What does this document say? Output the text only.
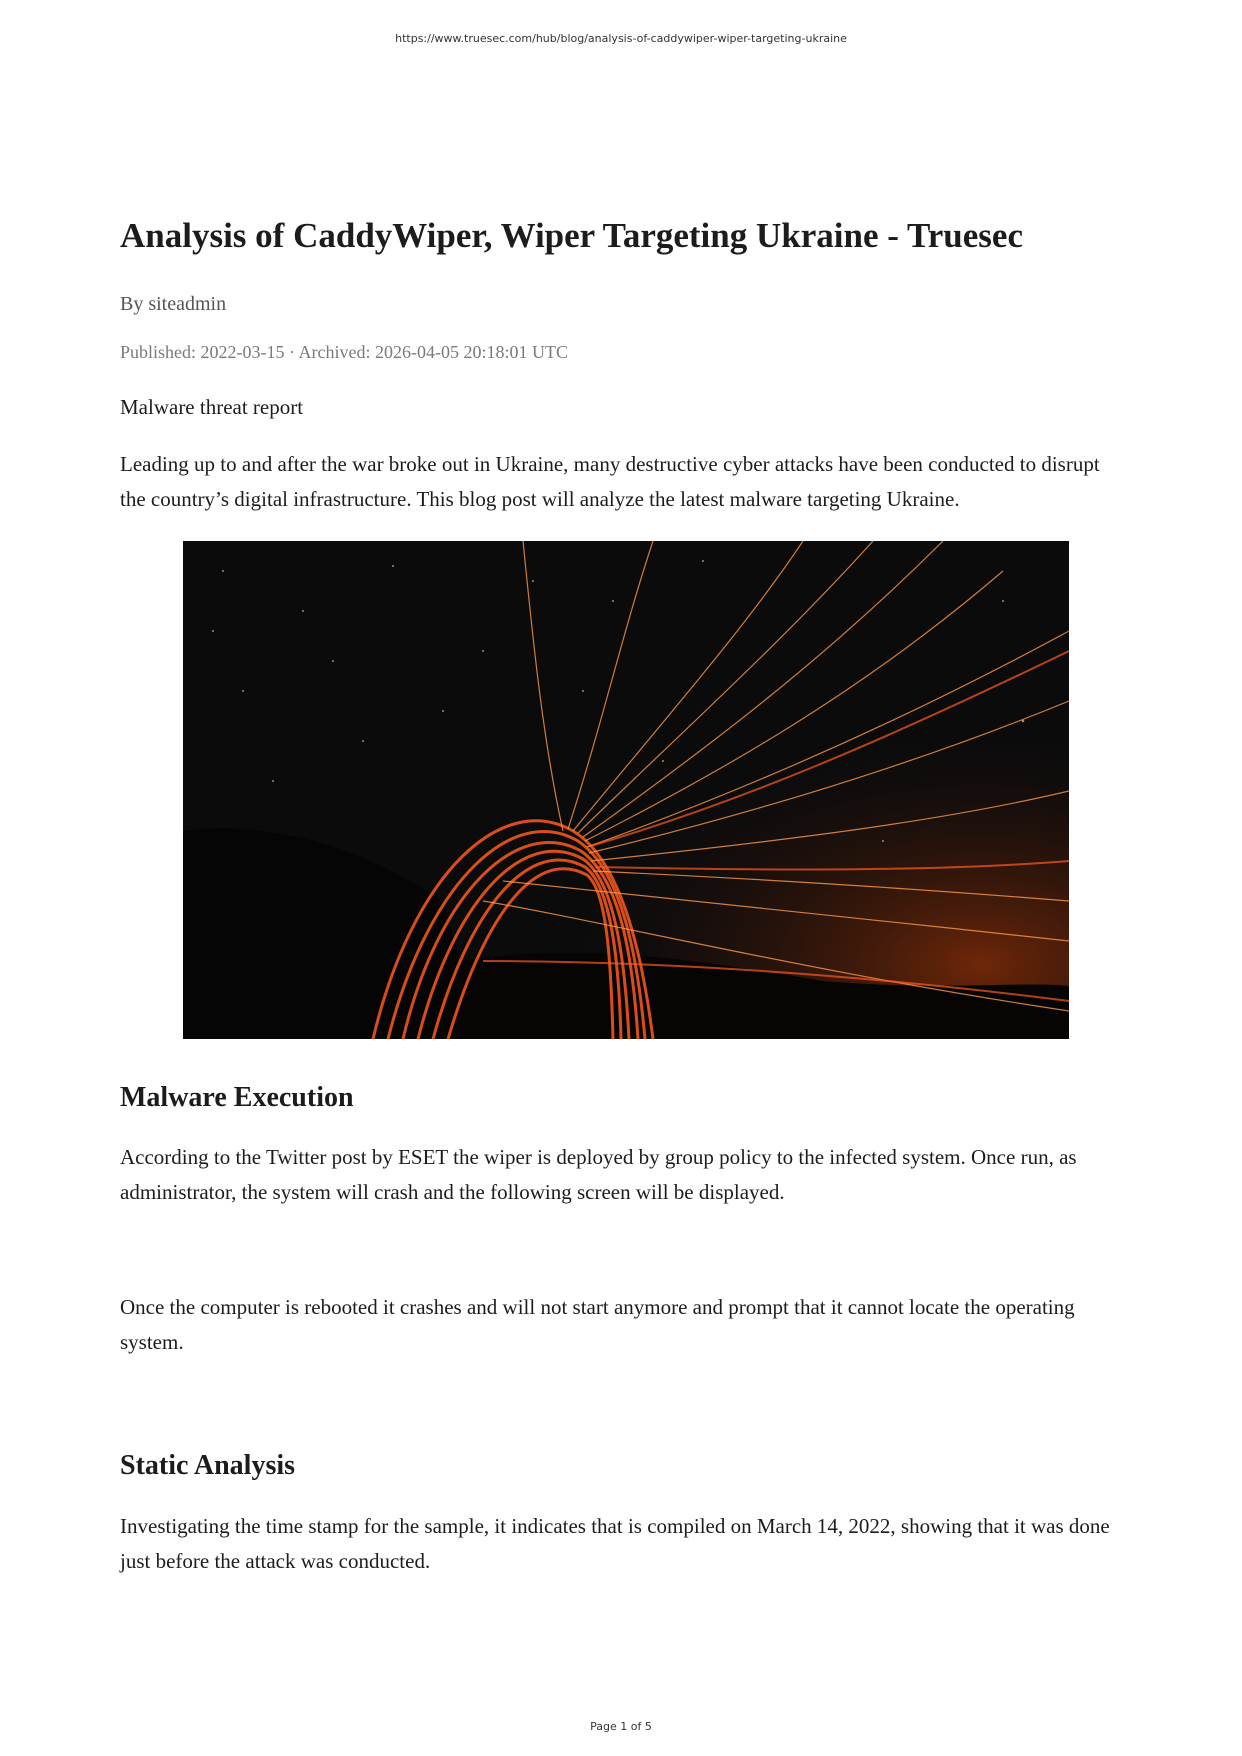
https://www.truesec.com/hub/blog/analysis-of-caddywiper-wiper-targeting-ukraine
Analysis of CaddyWiper, Wiper Targeting Ukraine - Truesec
By siteadmin
Published: 2022-03-15 · Archived: 2026-04-05 20:18:01 UTC
Malware threat report

Leading up to and after the war broke out in Ukraine, many destructive cyber attacks have been conducted to disrupt the country’s digital infrastructure. This blog post will analyze the latest malware targeting Ukraine.

Malware Execution

According to the Twitter post by ESET the wiper is deployed by group policy to the infected system. Once run, as administrator, the system will crash and the following screen will be displayed.

Once the computer is rebooted it crashes and will not start anymore and prompt that it cannot locate the operating system.

Static Analysis

Investigating the time stamp for the sample, it indicates that is compiled on March 14, 2022, showing that it was done just before the attack was conducted.

Page 1 of 5
